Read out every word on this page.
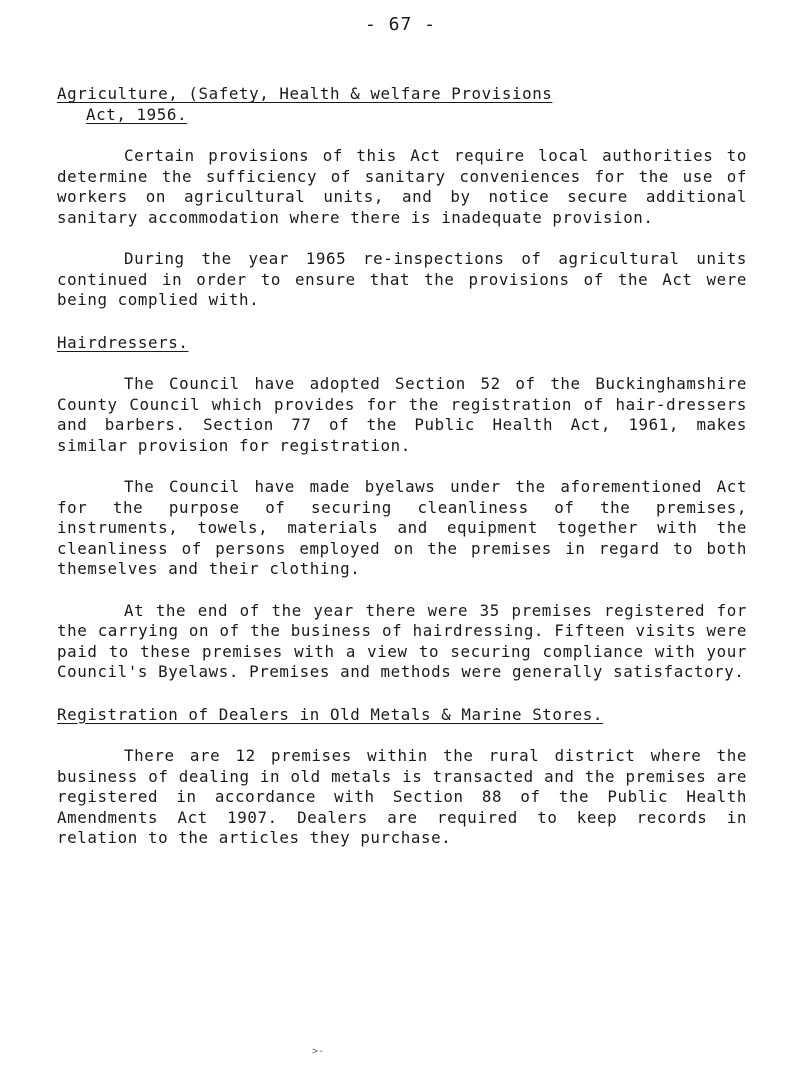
- 67 -
Agriculture, (Safety, Health & welfare Provisions
Act, 1956.

Certain provisions of this Act require local authorities to determine the sufficiency of sanitary conveniences for the use of workers on agricultural units, and by notice secure additional sanitary accommodation where there is inadequate provision.

During the year 1965 re-inspections of agricultural units continued in order to ensure that the provisions of the Act were being complied with.

Hairdressers.

The Council have adopted Section 52 of the Buckinghamshire County Council which provides for the registration of hair-dressers and barbers. Section 77 of the Public Health Act, 1961, makes similar provision for registration.

The Council have made byelaws under the aforementioned Act for the purpose of securing cleanliness of the premises, instruments, towels, materials and equipment together with the cleanliness of persons employed on the premises in regard to both themselves and their clothing.

At the end of the year there were 35 premises registered for the carrying on of the business of hairdressing. Fifteen visits were paid to these premises with a view to securing compliance with your Council's Byelaws. Premises and methods were generally satisfactory.

Registration of Dealers in Old Metals & Marine Stores.

There are 12 premises within the rural district where the business of dealing in old metals is transacted and the premises are registered in accordance with Section 88 of the Public Health Amendments Act 1907. Dealers are required to keep records in relation to the articles they purchase.

>‐
